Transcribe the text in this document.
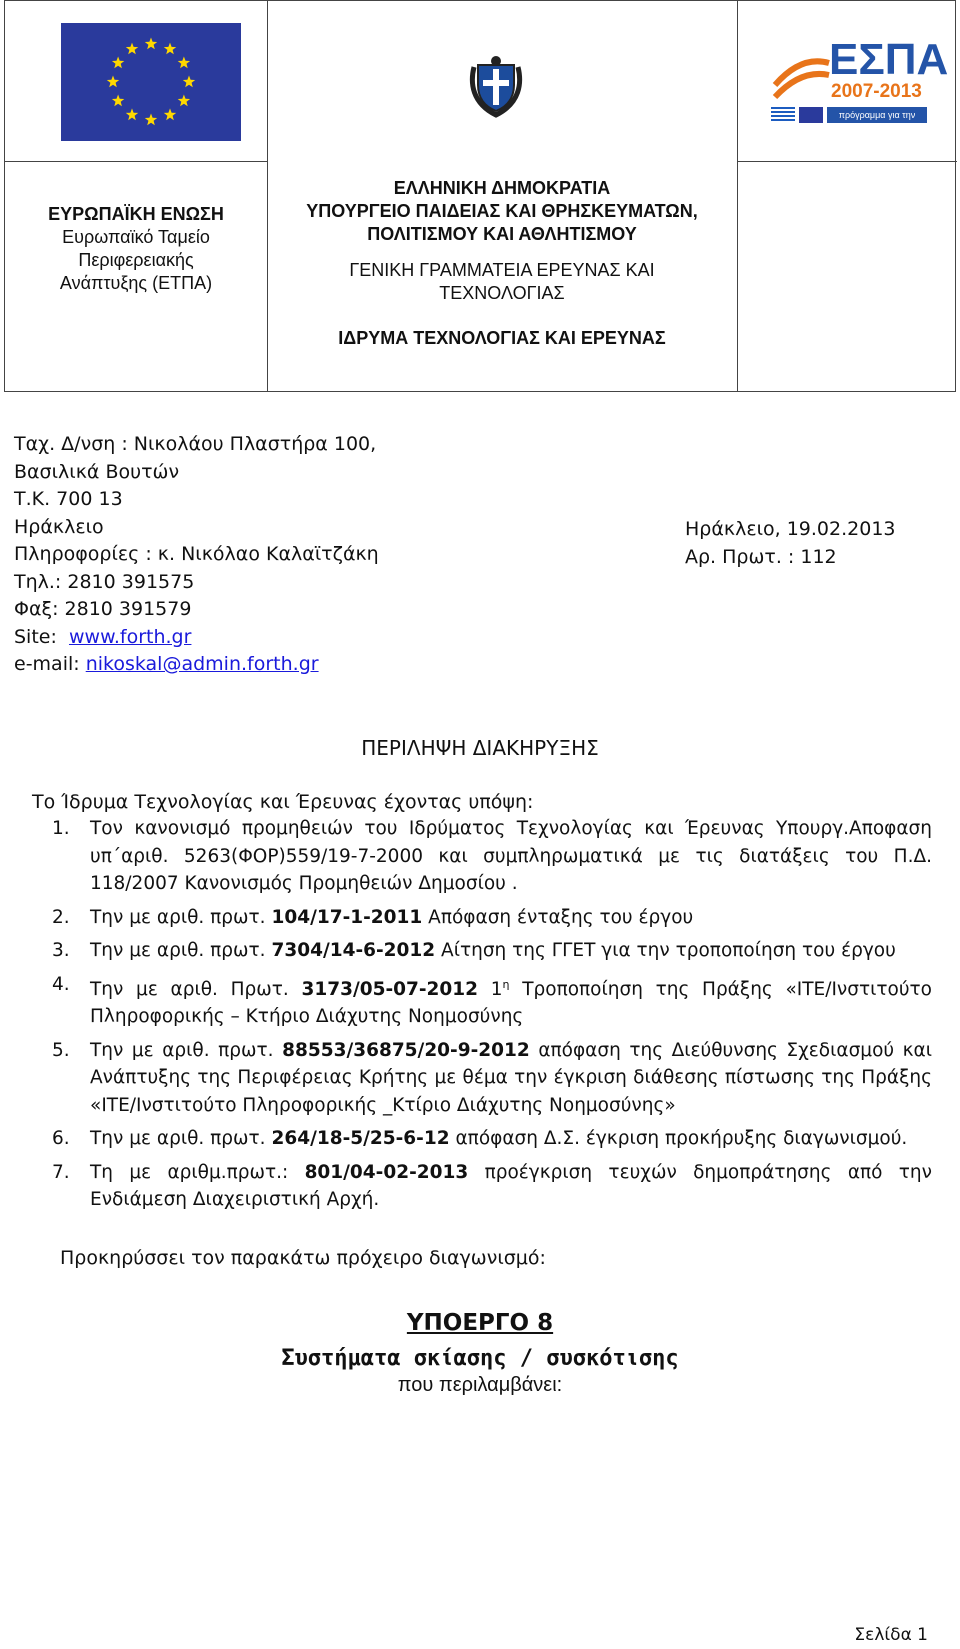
ΕΣΠΑ
2007-2013
πρόγραμμα για την ανάπτυξη
ΕΥΡΩΠΑΪΚΗ ΕΝΩΣΗ
Ευρωπαϊκό Ταμείο
Περιφερειακής
Ανάπτυξης (ΕΤΠΑ)
ΕΛΛΗΝΙΚΗ ΔΗΜΟΚΡΑΤΙΑ
ΥΠΟΥΡΓΕΙΟ ΠΑΙΔΕΙΑΣ ΚΑΙ ΘΡΗΣΚΕΥΜΑΤΩΝ,
ΠΟΛΙΤΙΣΜΟΥ ΚΑΙ ΑΘΛΗΤΙΣΜΟΥ
ΓΕΝΙΚΗ ΓΡΑΜΜΑΤΕΙΑ ΕΡΕΥΝΑΣ ΚΑΙ
ΤΕΧΝΟΛΟΓΙΑΣ
ΙΔΡΥΜΑ ΤΕΧΝΟΛΟΓΙΑΣ ΚΑΙ ΕΡΕΥΝΑΣ
Ταχ. Δ/νση : Νικολάου Πλαστήρα 100,
Βασιλικά Βουτών
Τ.Κ. 700 13
Ηράκλειο
Πληροφορίες : κ. Νικόλαο Καλαϊτζάκη
Τηλ.: 2810 391575
Φαξ: 2810 391579
Site: www.forth.gr
e-mail: nikoskal@admin.forth.gr
Ηράκλειο, 19.02.2013
Αρ. Πρωτ. : 112
ΠΕΡΙΛΗΨΗ ΔΙΑΚΗΡΥΞΗΣ
Το Ίδρυμα Τεχνολογίας και Έρευνας έχοντας υπόψη:
1. Τον κανονισμό προμηθειών του Ιδρύματος Τεχνολογίας και Έρευνας Υπουργ.Αποφαση υπ΄αριθ. 5263(ΦΟΡ)559/19-7-2000 και συμπληρωματικά με τις διατάξεις του Π.Δ. 118/2007 Κανονισμός Προμηθειών Δημοσίου .
2. Την με αριθ. πρωτ. 104/17-1-2011 Απόφαση ένταξης του έργου
3. Την με αριθ. πρωτ. 7304/14-6-2012 Αίτηση της ΓΓΕΤ για την τροποποίηση του έργου
4. Την με αριθ. Πρωτ. 3173/05-07-2012 $1^\eta$ Τροποποίηση της Πράξης «ΙΤΕ/Ινστιτούτο Πληροφορικής – Κτήριο Διάχυτης Νοημοσύνης
5. Την με αριθ. πρωτ. 88553/36875/20-9-2012 απόφαση της Διεύθυνσης Σχεδιασμού και Ανάπτυξης της Περιφέρειας Κρήτης με θέμα την έγκριση διάθεσης πίστωσης της Πράξης «ΙΤΕ/Ινστιτούτο Πληροφορικής _Κτίριο Διάχυτης Νοημοσύνης»
6. Την με αριθ. πρωτ. 264/18-5/25-6-12 απόφαση Δ.Σ. έγκριση προκήρυξης διαγωνισμού.
7. Τη με αριθμ.πρωτ.: 801/04-02-2013 προέγκριση τευχών δημοπράτησης από την Ενδιάμεση Διαχειριστική Αρχή.
Προκηρύσσει τον παρακάτω πρόχειρο διαγωνισμό:
ΥΠΟΕΡΓΟ 8
Συστήματα σκίασης / συσκότισης
που περιλαμβάνει:
Σελίδα 1
